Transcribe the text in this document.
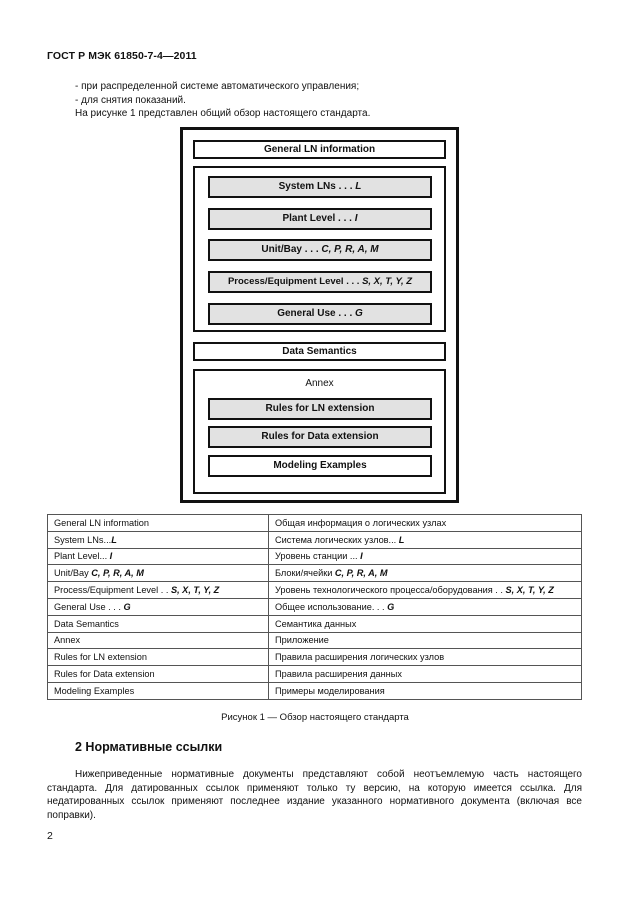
ГОСТ Р МЭК 61850-7-4—2011
- при распределенной системе автоматического управления;
- для снятия показаний.
На рисунке 1 представлен общий обзор настоящего стандарта.
General LN information
System LNs . . . L
Plant Level . . . I
Unit/Bay . . . C, P, R, A, M
Process/Equipment Level . . . S, X, T, Y, Z
General Use . . . G
Data Semantics
Annex
Rules for LN extension
Rules for Data extension
Modeling Examples
General LN information	Общая информация о логических узлах
System LNs...L	Система логических узлов... L
Plant Level... I	Уровень станции ... I
Unit/Bay C, P, R, A, M	Блоки/ячейки C, P, R, A, M
Process/Equipment Level . . S, X, T, Y, Z	Уровень технологического процесса/оборудования . . S, X, T, Y, Z
General Use . . . G	Общее использование. . . G
Data Semantics	Семантика данных
Annex	Приложение
Rules for LN extension	Правила расширения логических узлов
Rules for Data extension	Правила расширения данных
Modeling Examples	Примеры моделирования
Рисунок 1 — Обзор настоящего стандарта
2 Нормативные ссылки
Нижеприведенные нормативные документы представляют собой неотъемлемую часть настоящего стандарта. Для датированных ссылок применяют только ту версию, на которую имеется ссылка. Для недатированных ссылок применяют последнее издание указанного нормативного документа (включая все поправки).
2
